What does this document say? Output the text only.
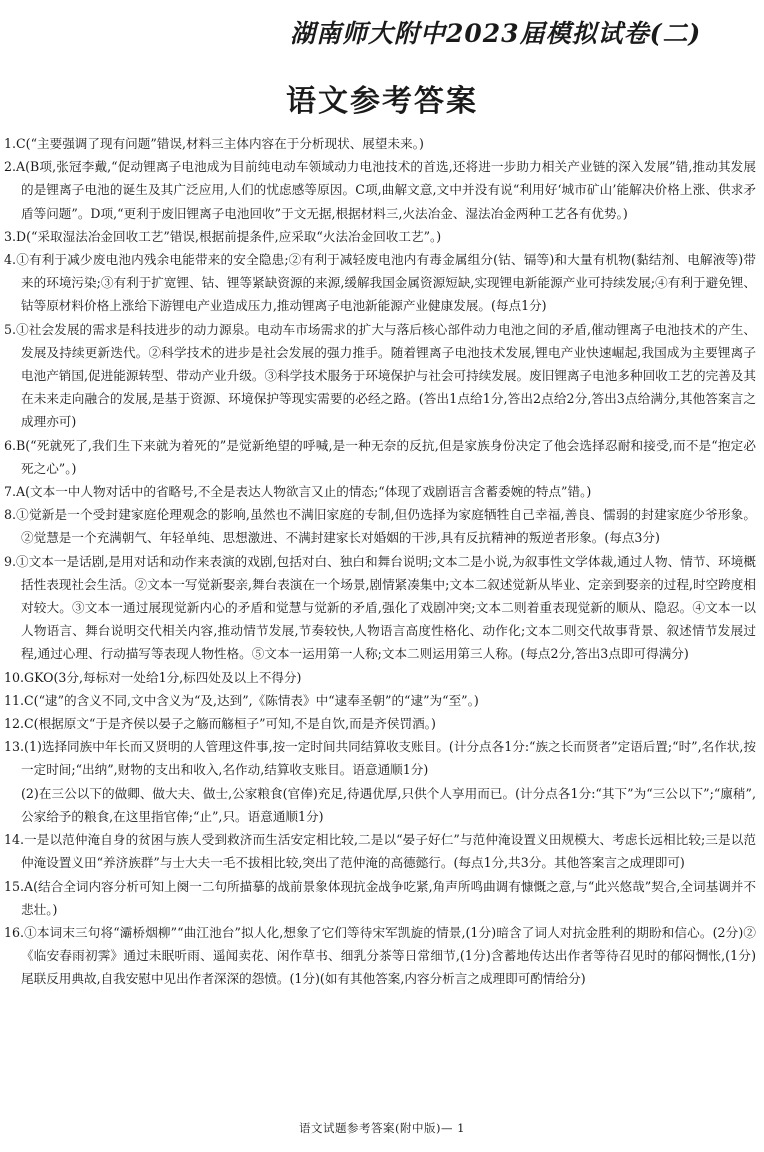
湖南师大附中2023届模拟试卷(二)
语文参考答案

1.C(“主要强调了现有问题”错误,材料三主体内容在于分析现状、展望未来。)

2.A(B项,张冠李戴,“促动锂离子电池成为目前纯电动车领域动力电池技术的首选,还将进一步助力相关产业链的深入发展”错,推动其发展的是锂离子电池的诞生及其广泛应用,人们的忧虑感等原因。C项,曲解文意,文中并没有说“利用好‘城市矿山’能解决价格上涨、供求矛盾等问题”。D项,“更利于废旧锂离子电池回收”于文无据,根据材料三,火法冶金、湿法冶金两种工艺各有优势。)

3.D(“采取湿法冶金回收工艺”错误,根据前提条件,应采取“火法冶金回收工艺”。)

4.①有利于减少废电池内残余电能带来的安全隐患;②有利于减轻废电池内有毒金属组分(钴、镉等)和大量有机物(黏结剂、电解液等)带来的环境污染;③有利于扩宽锂、钴、锂等紧缺资源的来源,缓解我国金属资源短缺,实现锂电新能源产业可持续发展;④有利于避免锂、钴等原材料价格上涨给下游锂电产业造成压力,推动锂离子电池新能源产业健康发展。(每点1分)

5.①社会发展的需求是科技进步的动力源泉。电动车市场需求的扩大与落后核心部件动力电池之间的矛盾,催动锂离子电池技术的产生、发展及持续更新迭代。②科学技术的进步是社会发展的强力推手。随着锂离子电池技术发展,锂电产业快速崛起,我国成为主要锂离子电池产销国,促进能源转型、带动产业升级。③科学技术服务于环境保护与社会可持续发展。废旧锂离子电池多种回收工艺的完善及其在未来走向融合的发展,是基于资源、环境保护等现实需要的必经之路。(答出1点给1分,答出2点给2分,答出3点给满分,其他答案言之成理亦可)

6.B(“死就死了,我们生下来就为着死的”是觉新绝望的呼喊,是一种无奈的反抗,但是家族身份决定了他会选择忍耐和接受,而不是“抱定必死之心”。)

7.A(文本一中人物对话中的省略号,不全是表达人物欲言又止的情态;“体现了戏剧语言含蓄委婉的特点”错。)

8.①觉新是一个受封建家庭伦理观念的影响,虽然也不满旧家庭的专制,但仍选择为家庭牺牲自己幸福,善良、懦弱的封建家庭少爷形象。②觉慧是一个充满朝气、年轻单纯、思想激进、不满封建家长对婚姻的干涉,具有反抗精神的叛逆者形象。(每点3分)

9.①文本一是话剧,是用对话和动作来表演的戏剧,包括对白、独白和舞台说明;文本二是小说,为叙事性文学体裁,通过人物、情节、环境概括性表现社会生活。②文本一写觉新娶亲,舞台表演在一个场景,剧情紧凑集中;文本二叙述觉新从毕业、定亲到娶亲的过程,时空跨度相对较大。③文本一通过展现觉新内心的矛盾和觉慧与觉新的矛盾,强化了戏剧冲突;文本二则着重表现觉新的顺从、隐忍。④文本一以人物语言、舞台说明交代相关内容,推动情节发展,节奏较快,人物语言高度性格化、动作化;文本二则交代故事背景、叙述情节发展过程,通过心理、行动描写等表现人物性格。⑤文本一运用第一人称;文本二则运用第三人称。(每点2分,答出3点即可得满分)

10.GKO(3分,每标对一处给1分,标四处及以上不得分)

11.C(“逮”的含义不同,文中含义为“及,达到”,《陈情表》中“逮奉圣朝”的“逮”为“至”。)

12.C(根据原文“于是齐侯以晏子之觞而觞桓子”可知,不是自饮,而是齐侯罚酒。)

13.(1)选择同族中年长而又贤明的人管理这件事,按一定时间共同结算收支账目。(计分点各1分:“族之长而贤者”定语后置;“时”,名作状,按一定时间;“出纳”,财物的支出和收入,名作动,结算收支账目。语意通顺1分)

(2)在三公以下的做卿、做大夫、做士,公家粮食(官俸)充足,待遇优厚,只供个人享用而已。(计分点各1分:“其下”为“三公以下”;“廪稍”,公家给予的粮食,在这里指官俸;“止”,只。语意通顺1分)

14.一是以范仲淹自身的贫困与族人受到救济而生活安定相比较,二是以“晏子好仁”与范仲淹设置义田规模大、考虑长远相比较;三是以范仲淹设置义田“养济族群”与士大夫一毛不拔相比较,突出了范仲淹的高德懿行。(每点1分,共3分。其他答案言之成理即可)

15.A(结合全词内容分析可知上阕一二句所描摹的战前景象体现抗金战争吃紧,角声所鸣曲调有慷慨之意,与“此兴悠哉”契合,全词基调并不悲壮。)

16.①本词末三句将“灞桥烟柳”“曲江池台”拟人化,想象了它们等待宋军凯旋的情景,(1分)暗含了词人对抗金胜利的期盼和信心。(2分)②《临安春雨初霁》通过未眠听雨、遥闻卖花、闲作草书、细乳分茶等日常细节,(1分)含蓄地传达出作者等待召见时的郁闷惆怅,(1分)尾联反用典故,自我安慰中见出作者深深的怨愤。(1分)(如有其他答案,内容分析言之成理即可酌情给分)

语文试题参考答案(附中版)— 1
